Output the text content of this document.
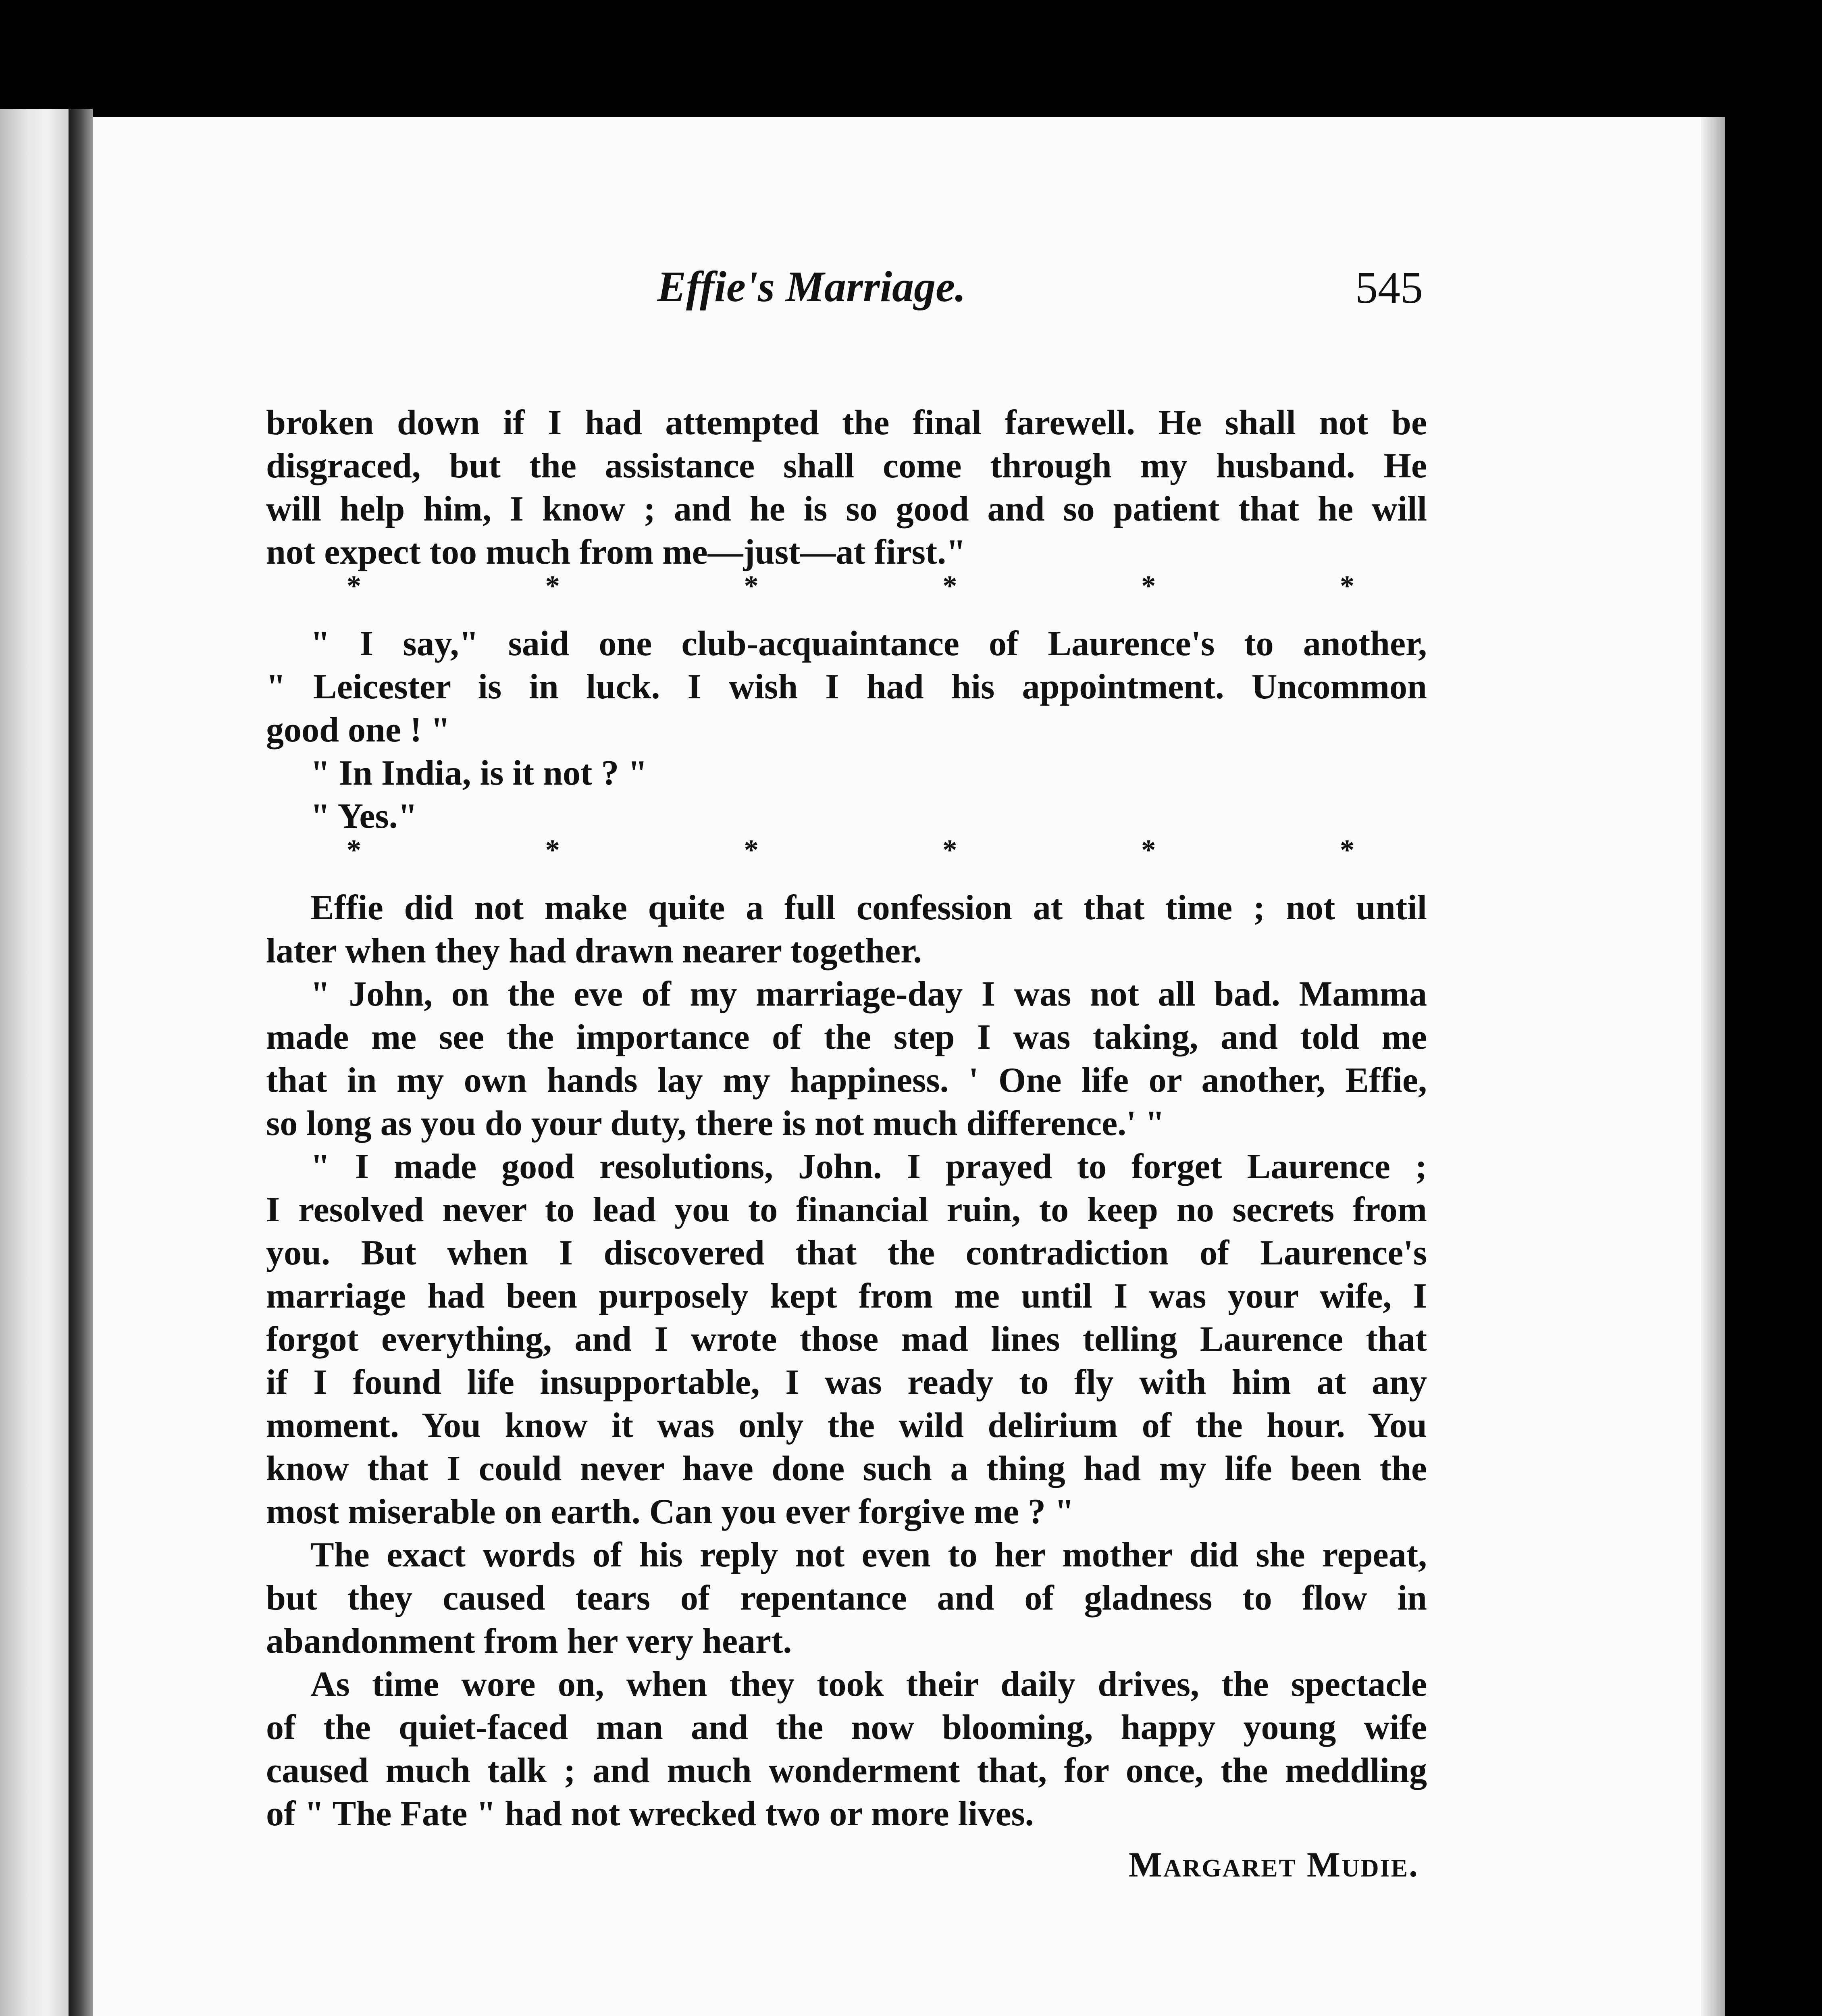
Effie's Marriage.	545
broken down if I had attempted the final farewell. He shall not be
disgraced, but the assistance shall come through my husband. He
will help him, I know ; and he is so good and so patient that he will
not expect too much from me—just—at first."
*	*	*	*	*	*
" I say," said one club-acquaintance of Laurence's to another,
" Leicester is in luck. I wish I had his appointment. Uncommon
good one ! "
" In India, is it not ? "
" Yes."
*	*	*	*	*	*
Effie did not make quite a full confession at that time ; not until
later when they had drawn nearer together.
" John, on the eve of my marriage-day I was not all bad. Mamma
made me see the importance of the step I was taking, and told me
that in my own hands lay my happiness. ' One life or another, Effie,
so long as you do your duty, there is not much difference.' "
" I made good resolutions, John. I prayed to forget Laurence ;
I resolved never to lead you to financial ruin, to keep no secrets from
you. But when I discovered that the contradiction of Laurence's
marriage had been purposely kept from me until I was your wife, I
forgot everything, and I wrote those mad lines telling Laurence that
if I found life insupportable, I was ready to fly with him at any
moment. You know it was only the wild delirium of the hour. You
know that I could never have done such a thing had my life been the
most miserable on earth. Can you ever forgive me ? "
The exact words of his reply not even to her mother did she repeat,
but they caused tears of repentance and of gladness to flow in
abandonment from her very heart.
As time wore on, when they took their daily drives, the spectacle
of the quiet-faced man and the now blooming, happy young wife
caused much talk ; and much wonderment that, for once, the meddling
of " The Fate " had not wrecked two or more lives.
Margaret Mudie.
